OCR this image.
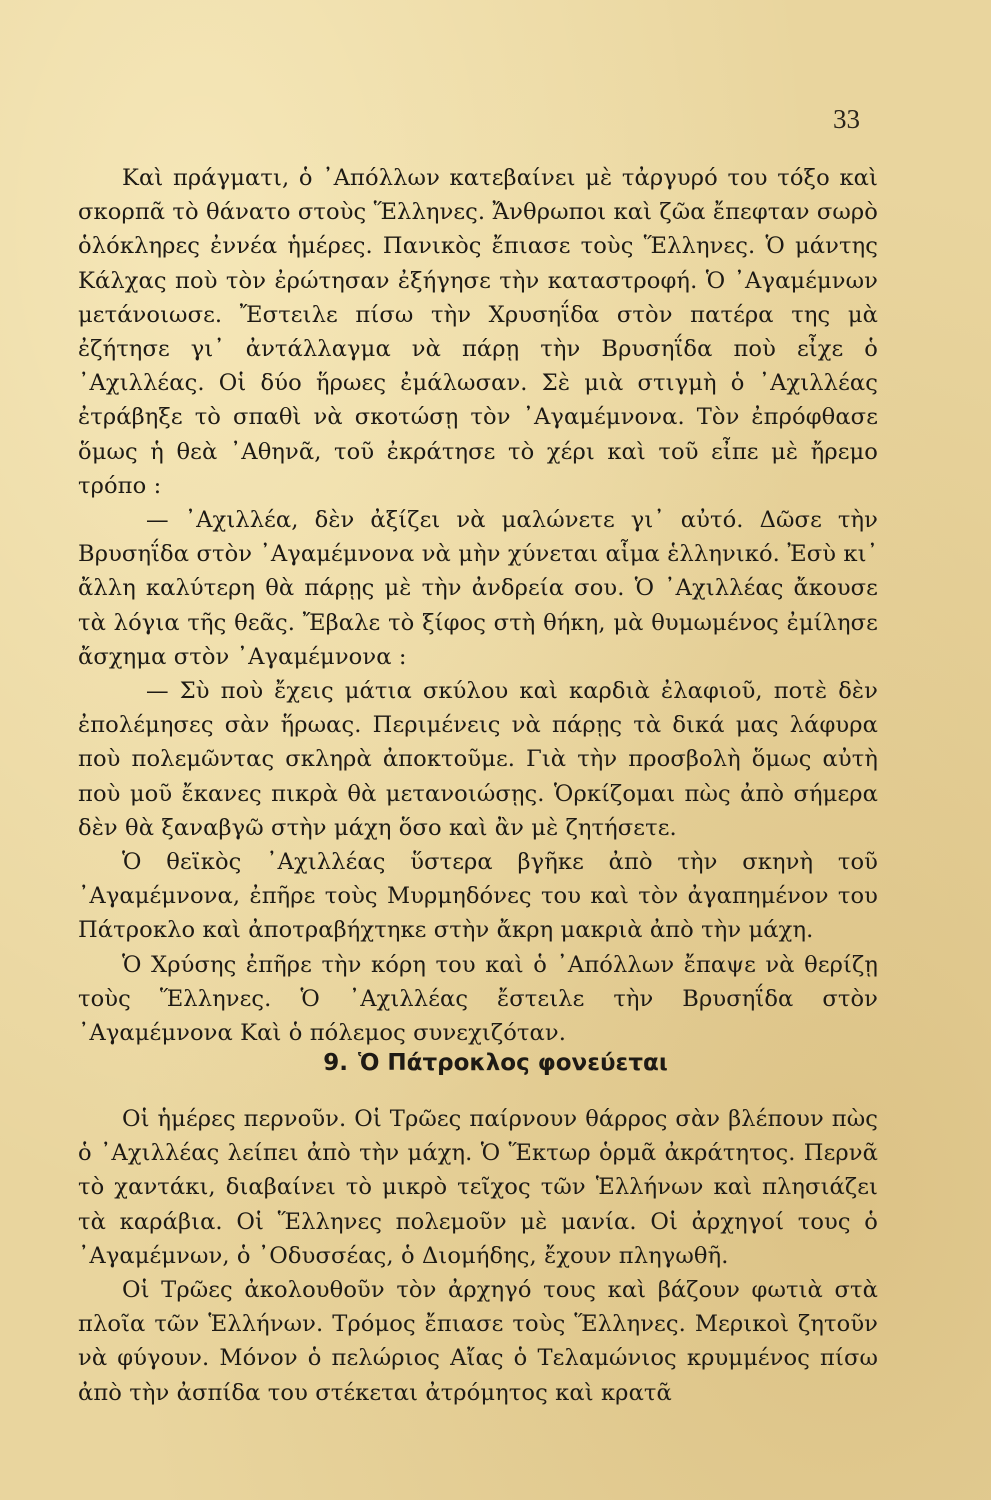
33

Καὶ πράγματι, ὁ ᾿Απόλλων κατεβαίνει μὲ τἀργυρό του τόξο καὶ σκορπᾶ τὸ θάνατο στοὺς Ἕλληνες. Ἄνθρωποι καὶ ζῶα ἔπεφταν σωρὸ ὁλόκληρες ἐννέα ἡμέρες. Πανικὸς ἔπιασε τοὺς Ἕλληνες. Ὁ μάντης Κάλχας ποὺ τὸν ἐρώτησαν ἐξήγησε τὴν καταστροφή. Ὁ ᾿Αγαμέμνων μετάνοιωσε. Ἔστειλε πίσω τὴν Χρυσηΐδα στὸν πατέρα της μὰ ἐζήτησε γι᾿ ἀντάλλαγμα νὰ πάρῃ τὴν Βρυσηΐδα ποὺ εἶχε ὁ ᾿Αχιλλέας. Οἱ δύο ἥρωες ἐμάλωσαν. Σὲ μιὰ στιγμὴ ὁ ᾿Αχιλλέας ἐτράβηξε τὸ σπαθὶ νὰ σκοτώσῃ τὸν ᾿Αγαμέμνονα. Τὸν ἐπρόφθασε ὅμως ἡ θεὰ ᾿Αθηνᾶ, τοῦ ἐκράτησε τὸ χέρι καὶ τοῦ εἶπε μὲ ἤρεμο τρόπο :

— ᾿Αχιλλέα, δὲν ἀξίζει νὰ μαλώνετε γι᾿ αὐτό. Δῶσε τὴν Βρυσηΐδα στὸν ᾿Αγαμέμνονα νὰ μὴν χύνεται αἷμα ἑλληνικό. Ἐσὺ κι᾿ ἄλλη καλύτερη θὰ πάρῃς μὲ τὴν ἀνδρεία σου. Ὁ ᾿Αχιλλέας ἄκουσε τὰ λόγια τῆς θεᾶς. Ἔβαλε τὸ ξίφος στὴ θήκη, μὰ θυμωμένος ἐμίλησε ἄσχημα στὸν ᾿Αγαμέμνονα :

— Σὺ ποὺ ἔχεις μάτια σκύλου καὶ καρδιὰ ἐλαφιοῦ, ποτὲ δὲν ἐπολέμησες σὰν ἥρωας. Περιμένεις νὰ πάρῃς τὰ δικά μας λάφυρα ποὺ πολεμῶντας σκληρὰ ἀποκτοῦμε. Γιὰ τὴν προσβολὴ ὅμως αὐτὴ ποὺ μοῦ ἔκανες πικρὰ θὰ μετανοιώσῃς. Ὁρκίζομαι πὼς ἀπὸ σήμερα δὲν θὰ ξαναβγῶ στὴν μάχη ὅσο καὶ ἂν μὲ ζητήσετε.

Ὁ θεϊκὸς ᾿Αχιλλέας ὕστερα βγῆκε ἀπὸ τὴν σκηνὴ τοῦ ᾿Αγαμέμνονα, ἐπῆρε τοὺς Μυρμηδόνες του καὶ τὸν ἀγαπημένον του Πάτροκλο καὶ ἀποτραβήχτηκε στὴν ἄκρη μακριὰ ἀπὸ τὴν μάχη.

Ὁ Χρύσης ἐπῆρε τὴν κόρη του καὶ ὁ ᾿Απόλλων ἔπαψε νὰ θερίζῃ τοὺς Ἕλληνες. Ὁ ᾿Αχιλλέας ἔστειλε τὴν Βρυσηΐδα στὸν ᾿Αγαμέμνονα Καὶ ὁ πόλεμος συνεχιζόταν.

9. Ὁ Πάτροκλος φονεύεται

Οἱ ἡμέρες περνοῦν. Οἱ Τρῶες παίρνουν θάρρος σὰν βλέπουν πὼς ὁ ᾿Αχιλλέας λείπει ἀπὸ τὴν μάχη. Ὁ Ἕκτωρ ὁρμᾶ ἀκράτητος. Περνᾶ τὸ χαντάκι, διαβαίνει τὸ μικρὸ τεῖχος τῶν Ἑλλήνων καὶ πλησιάζει τὰ καράβια. Οἱ Ἕλληνες πολεμοῦν μὲ μανία. Οἱ ἀρχηγοί τους ὁ ᾿Αγαμέμνων, ὁ ᾿Οδυσσέας, ὁ Διομήδης, ἔχουν πληγωθῆ.

Οἱ Τρῶες ἀκολουθοῦν τὸν ἀρχηγό τους καὶ βάζουν φωτιὰ στὰ πλοῖα τῶν Ἑλλήνων. Τρόμος ἔπιασε τοὺς Ἕλληνες. Μερικοὶ ζητοῦν νὰ φύγουν. Μόνον ὁ πελώριος Αἴας ὁ Τελαμώνιος κρυμμένος πίσω ἀπὸ τὴν ἀσπίδα του στέκεται ἀτρόμητος καὶ κρατᾶ
